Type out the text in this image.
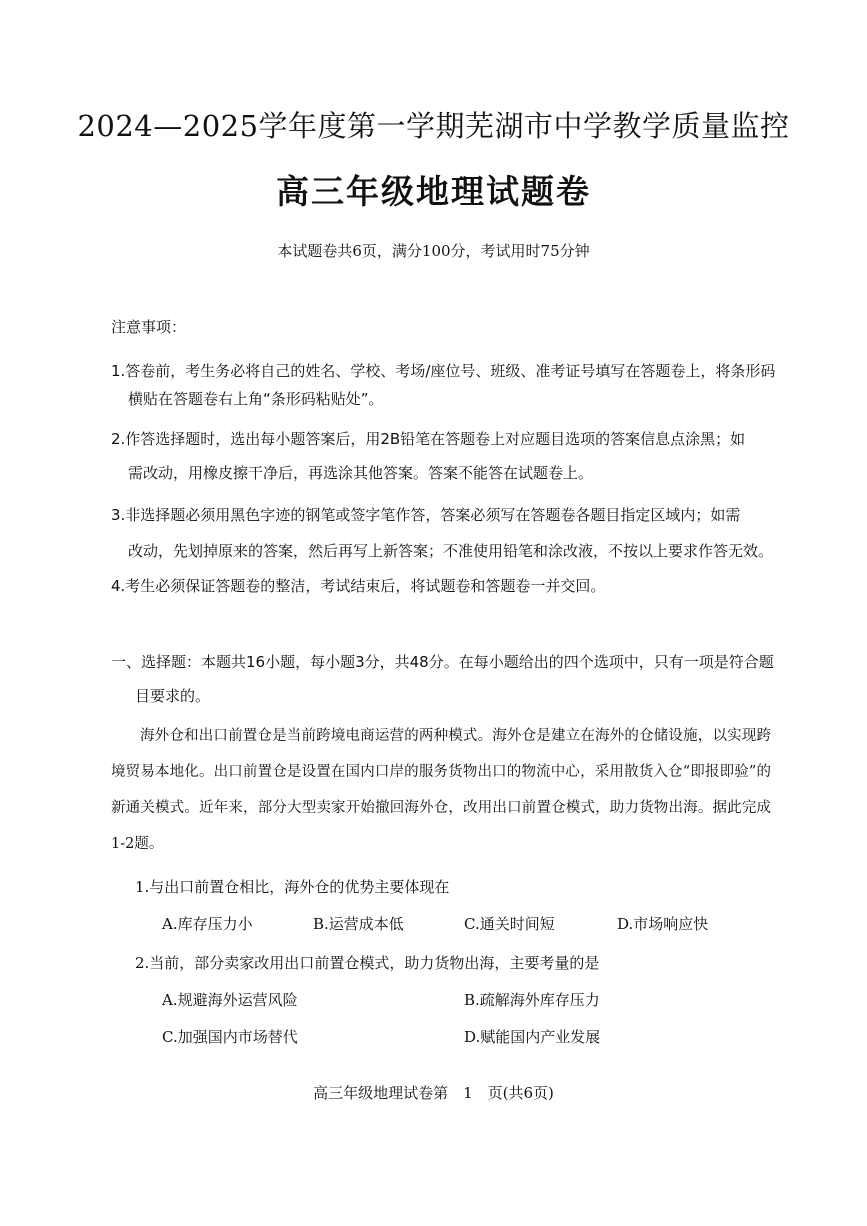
2024—2025学年度第一学期芜湖市中学教学质量监控
高三年级地理试题卷
本试题卷共6页，满分100分，考试用时75分钟
注意事项：
1.答卷前，考生务必将自己的姓名、学校、考场/座位号、班级、准考证号填写在答题卷上，将条形码
横贴在答题卷右上角“条形码粘贴处”。
2.作答选择题时，选出每小题答案后，用2B铅笔在答题卷上对应题目选项的答案信息点涂黑；如
需改动，用橡皮擦干净后，再选涂其他答案。答案不能答在试题卷上。
3.非选择题必须用黑色字迹的钢笔或签字笔作答，答案必须写在答题卷各题目指定区域内；如需
改动，先划掉原来的答案，然后再写上新答案；不准使用铅笔和涂改液，不按以上要求作答无效。
4.考生必须保证答题卷的整洁，考试结束后，将试题卷和答题卷一并交回。
一、选择题：本题共16小题，每小题3分，共48分。在每小题给出的四个选项中，只有一项是符合题
目要求的。
海外仓和出口前置仓是当前跨境电商运营的两种模式。海外仓是建立在海外的仓储设施，以实现跨境贸易本地化。出口前置仓是设置在国内口岸的服务货物出口的物流中心，采用散货入仓“即报即验”的新通关模式。近年来，部分大型卖家开始撤回海外仓，改用出口前置仓模式，助力货物出海。据此完成1-2题。
1.与出口前置仓相比，海外仓的优势主要体现在
A.库存压力小	B.运营成本低	C.通关时间短	D.市场响应快
2.当前，部分卖家改用出口前置仓模式，助力货物出海，主要考量的是
A.规避海外运营风险	B.疏解海外库存压力
C.加强国内市场替代	D.赋能国内产业发展
高三年级地理试卷第　1　页(共6页)
